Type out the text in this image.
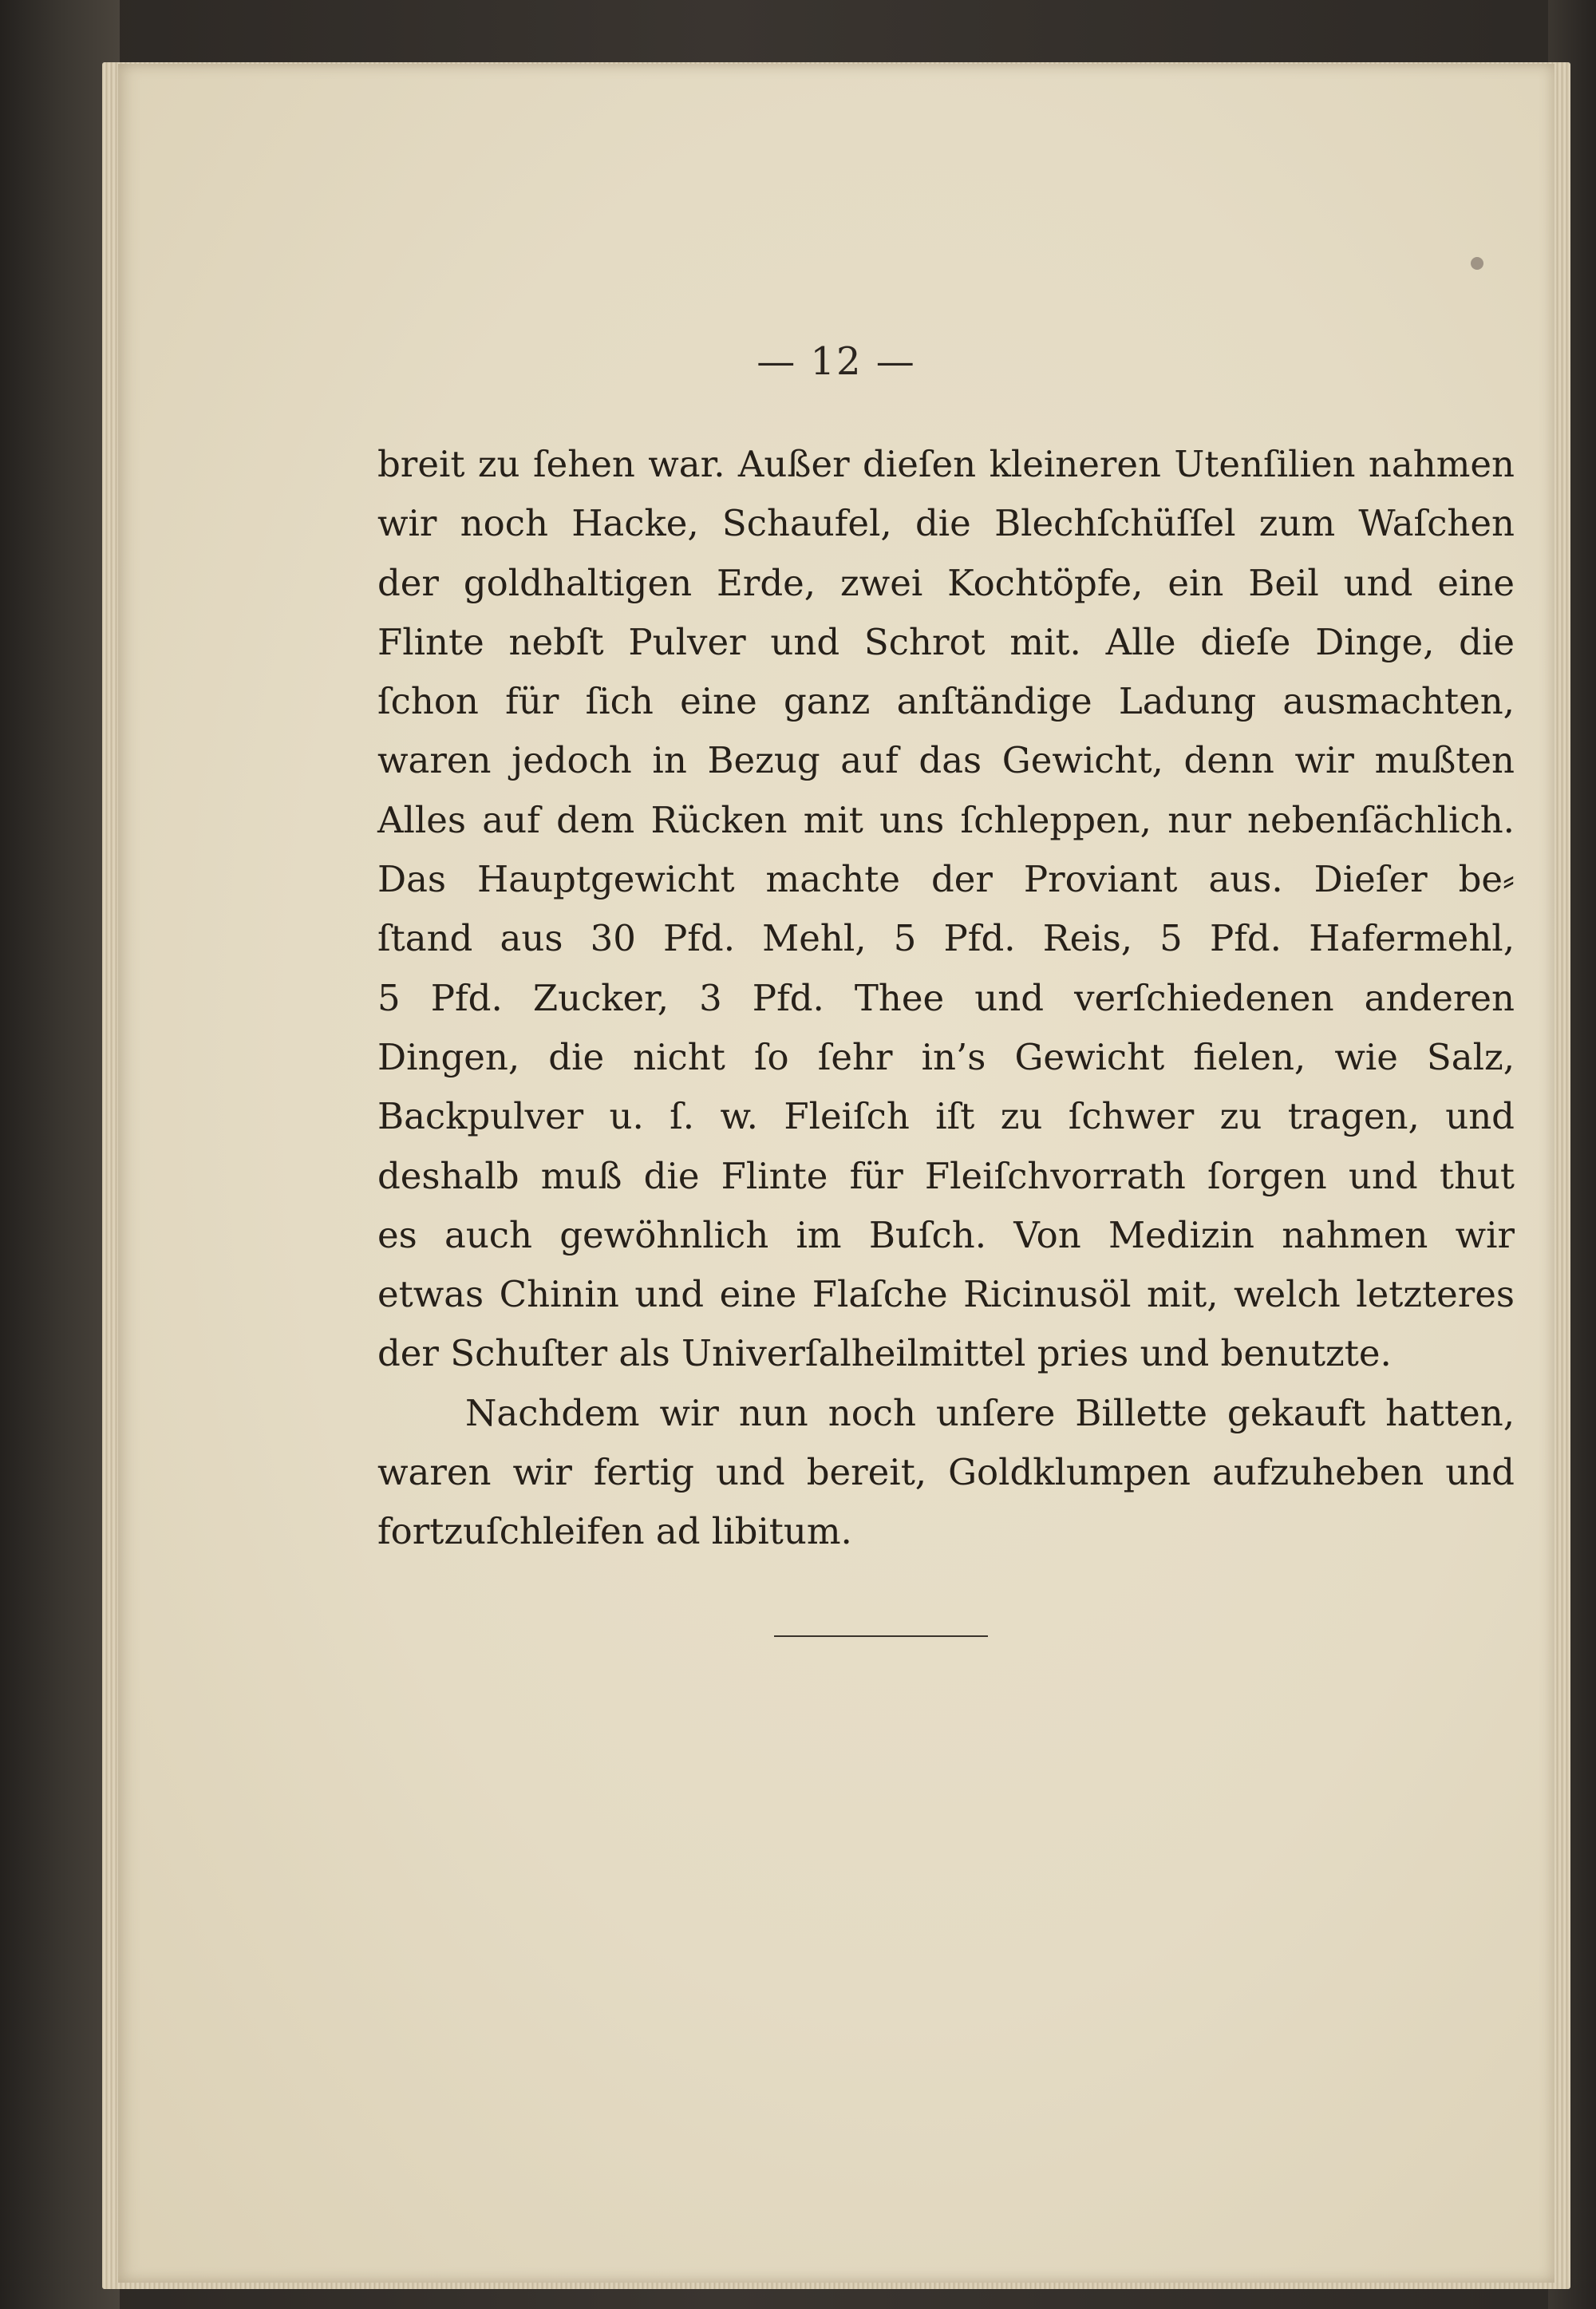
— 12 —
breit zu ſehen war. Außer dieſen kleineren Utenſilien nahmen
wir noch Hacke, Schaufel, die Blechſchüſſel zum Waſchen
der goldhaltigen Erde, zwei Kochtöpfe, ein Beil und eine
Flinte nebſt Pulver und Schrot mit. Alle dieſe Dinge, die
ſchon für ſich eine ganz anſtändige Ladung ausmachten,
waren jedoch in Bezug auf das Gewicht, denn wir mußten
Alles auf dem Rücken mit uns ſchleppen, nur nebenſächlich.
Das Hauptgewicht machte der Proviant aus. Dieſer be⸗
ſtand aus 30 Pfd. Mehl, 5 Pfd. Reis, 5 Pfd. Hafermehl,
5 Pfd. Zucker, 3 Pfd. Thee und verſchiedenen anderen
Dingen, die nicht ſo ſehr in’s Gewicht fielen, wie Salz,
Backpulver u. ſ. w. Fleiſch iſt zu ſchwer zu tragen, und
deshalb muß die Flinte für Fleiſchvorrath ſorgen und thut
es auch gewöhnlich im Buſch. Von Medizin nahmen wir
etwas Chinin und eine Flaſche Ricinusöl mit, welch letzteres
der Schuſter als Univerſalheilmittel pries und benutzte.
Nachdem wir nun noch unſere Billette gekauft hatten,
waren wir fertig und bereit, Goldklumpen aufzuheben und
fortzuſchleifen ad libitum.
